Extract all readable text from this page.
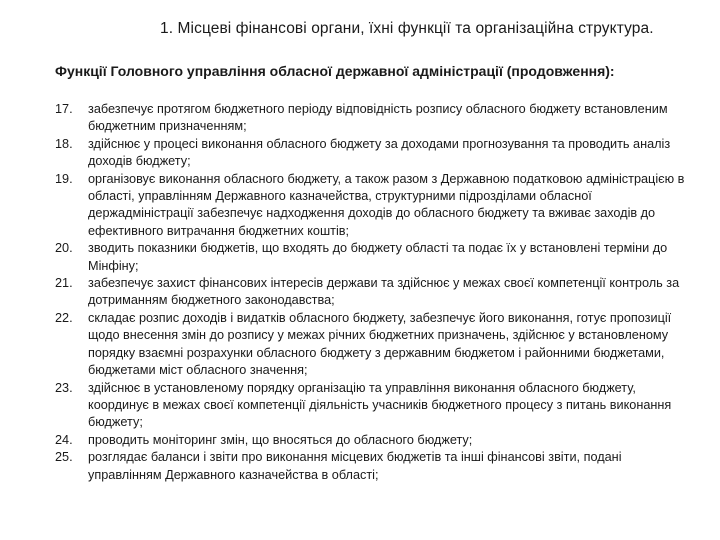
1. Місцеві фінансові органи, їхні функції та організаційна структура.
Функції Головного управління обласної державної адміністрації (продовження):
17. забезпечує протягом бюджетного періоду відповідність розпису обласного бюджету встановленим бюджетним призначенням;
18. здійснює у процесі виконання обласного бюджету за доходами прогнозування та проводить аналіз доходів бюджету;
19. організовує виконання обласного бюджету, а також разом з Державною податковою адміністрацією в області, управлінням Державного казначейства, структурними підрозділами обласної держадміністрації забезпечує надходження доходів до обласного бюджету та вживає заходів до ефективного витрачання бюджетних коштів;
20. зводить показники бюджетів, що входять до бюджету області та подає їх у встановлені терміни до Мінфіну;
21. забезпечує захист фінансових інтересів держави та здійснює у межах своєї компетенції контроль за дотриманням бюджетного законодавства;
22. складає розпис доходів і видатків обласного бюджету, забезпечує його виконання, готує пропозиції щодо внесення змін до розпису у межах річних бюджетних призначень, здійснює у встановленому порядку взаємні розрахунки обласного бюджету з державним бюджетом і районними бюджетами, бюджетами міст обласного значення;
23. здійснює в установленому порядку організацію та управління виконання обласного бюджету, координує в межах своєї компетенції діяльність учасників бюджетного процесу з питань виконання бюджету;
24. проводить моніторинг змін, що вносяться до обласного бюджету;
25. розглядає баланси і звіти про виконання місцевих бюджетів та інші фінансові звіти, подані управлінням Державного казначейства в області;
